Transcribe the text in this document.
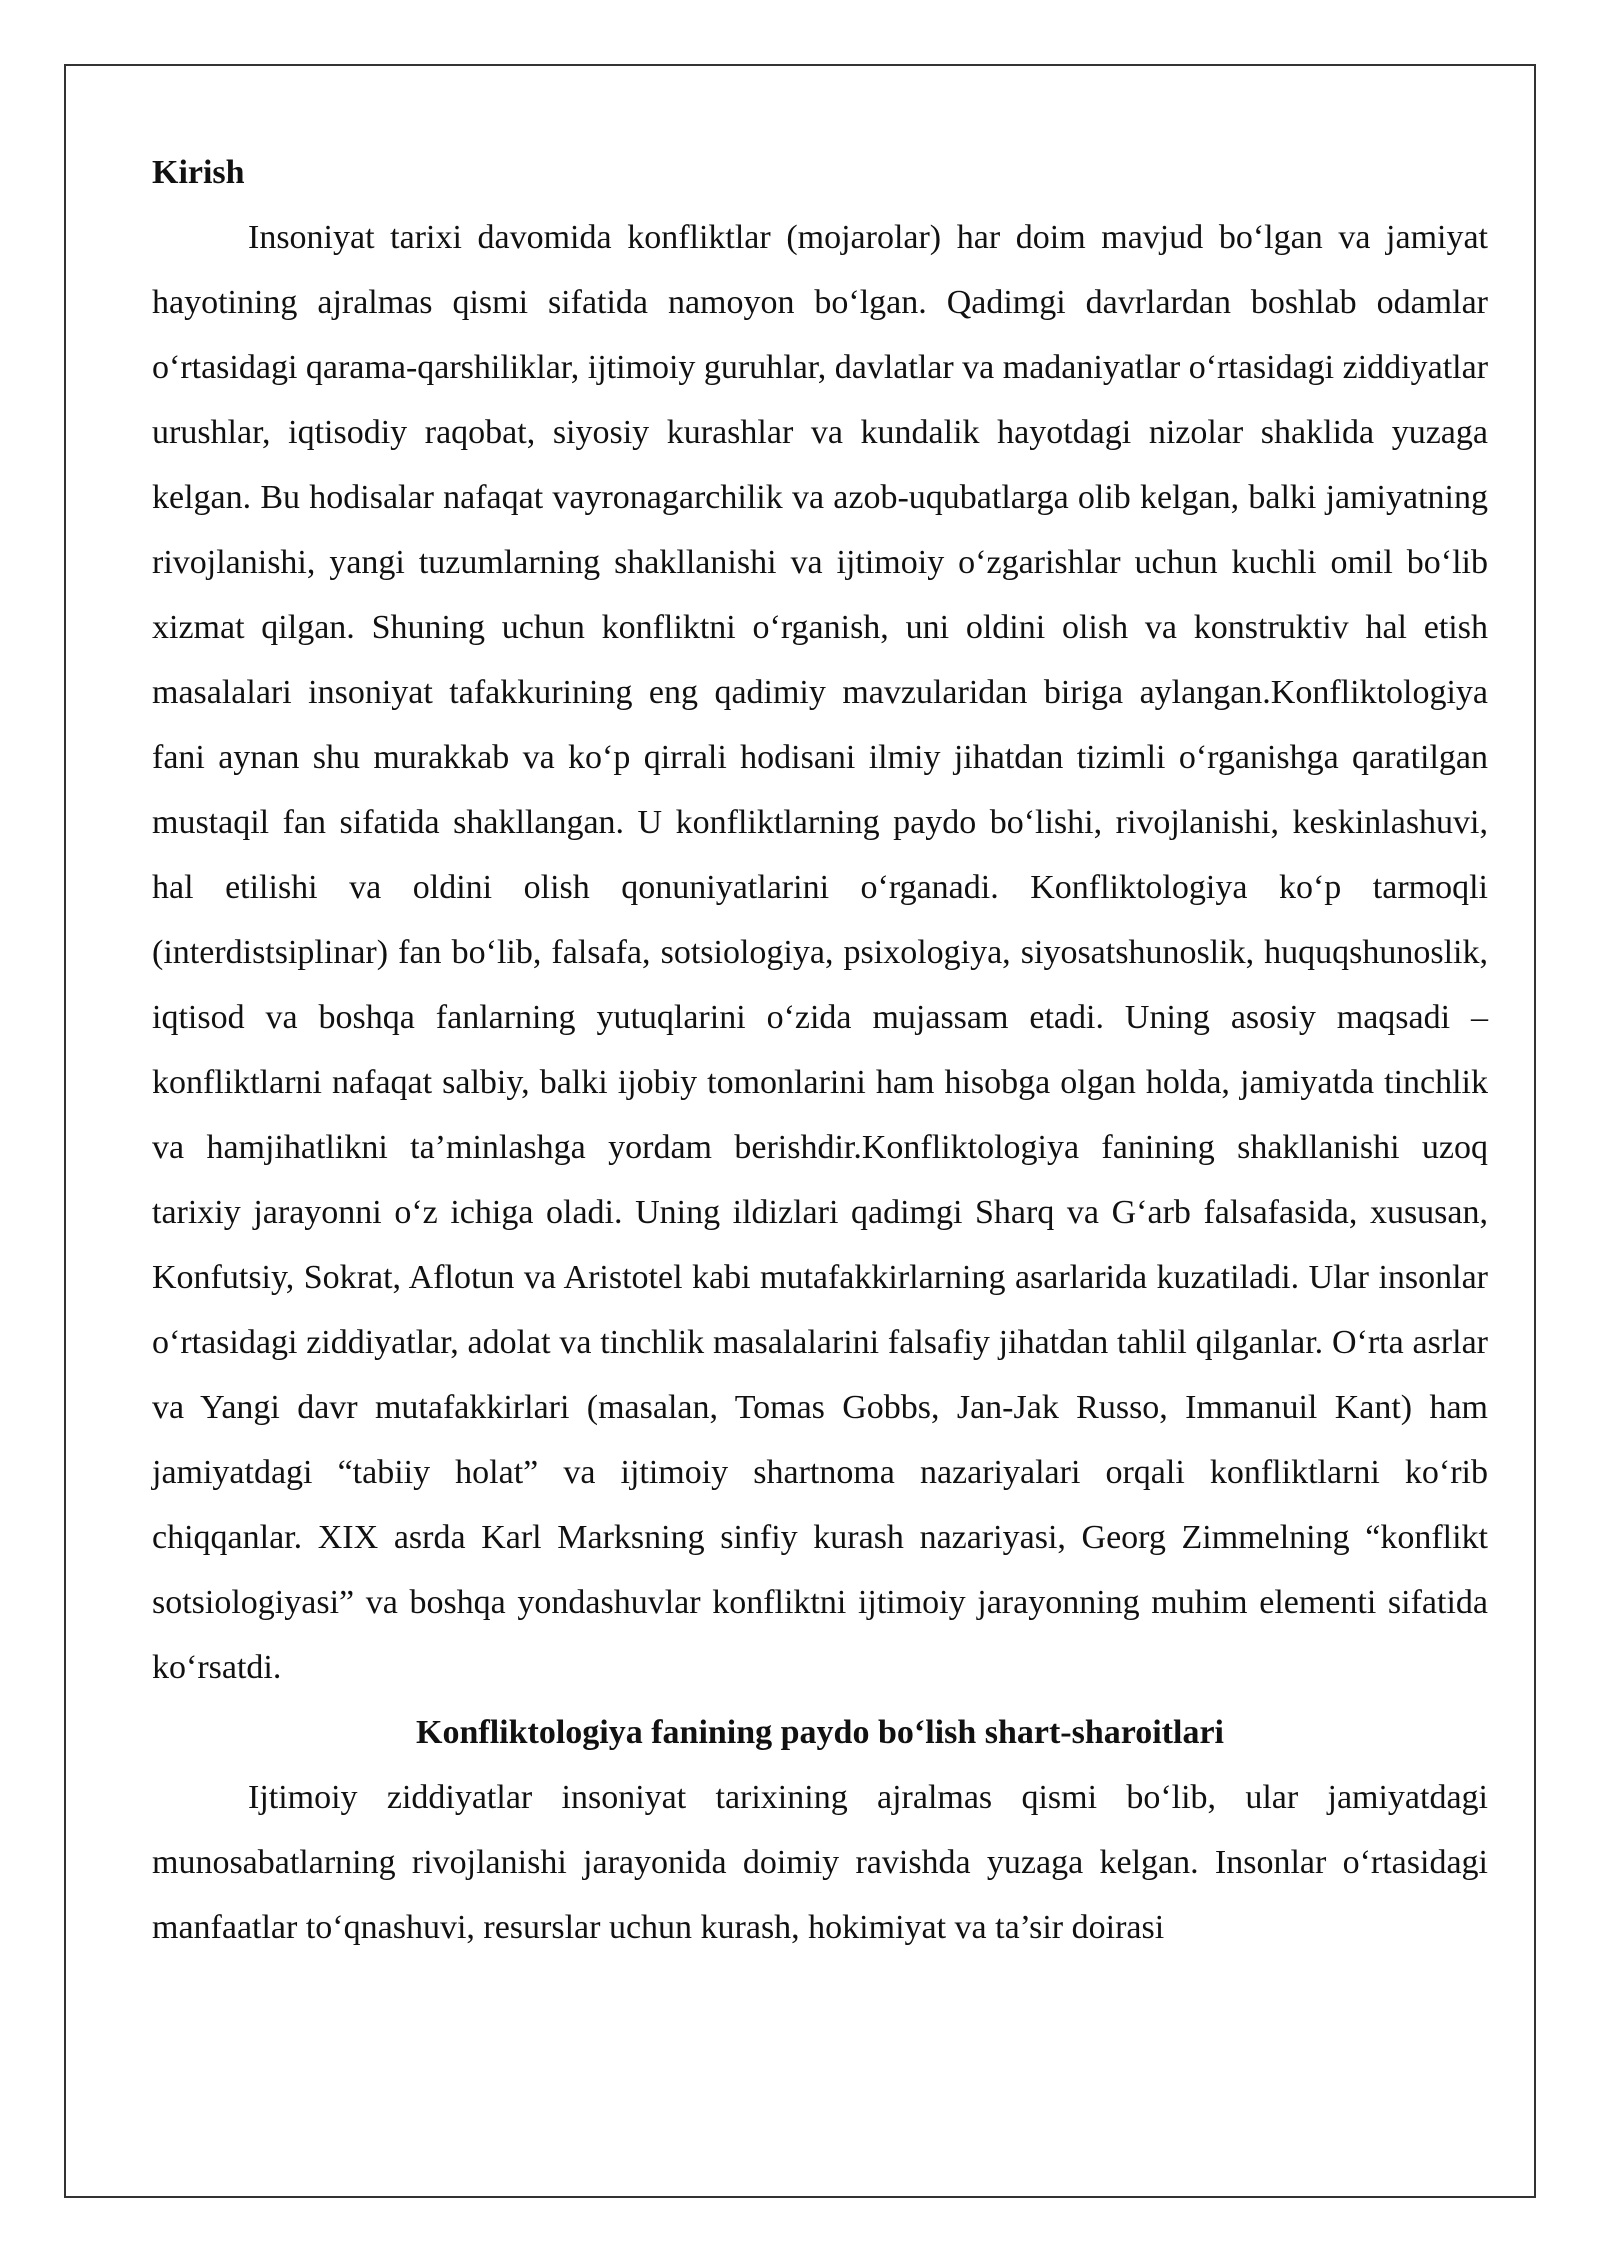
Kirish

Insoniyat tarixi davomida konfliktlar (mojarolar) har doim mavjud bo‘lgan va jamiyat hayotining ajralmas qismi sifatida namoyon bo‘lgan. Qadimgi davrlardan boshlab odamlar o‘rtasidagi qarama-qarshiliklar, ijtimoiy guruhlar, davlatlar va madaniyatlar o‘rtasidagi ziddiyatlar urushlar, iqtisodiy raqobat, siyosiy kurashlar va kundalik hayotdagi nizolar shaklida yuzaga kelgan. Bu hodisalar nafaqat vayronagarchilik va azob-uqubatlarga olib kelgan, balki jamiyatning rivojlanishi, yangi tuzumlarning shakllanishi va ijtimoiy o‘zgarishlar uchun kuchli omil bo‘lib xizmat qilgan. Shuning uchun konfliktni o‘rganish, uni oldini olish va konstruktiv hal etish masalalari insoniyat tafakkurining eng qadimiy mavzularidan biriga aylangan.Konfliktologiya fani aynan shu murakkab va ko‘p qirrali hodisani ilmiy jihatdan tizimli o‘rganishga qaratilgan mustaqil fan sifatida shakllangan. U konfliktlarning paydo bo‘lishi, rivojlanishi, keskinlashuvi, hal etilishi va oldini olish qonuniyatlarini o‘rganadi. Konfliktologiya ko‘p tarmoqli (interdistsiplinar) fan bo‘lib, falsafa, sotsiologiya, psixologiya, siyosatshunoslik, huquqshunoslik, iqtisod va boshqa fanlarning yutuqlarini o‘zida mujassam etadi. Uning asosiy maqsadi – konfliktlarni nafaqat salbiy, balki ijobiy tomonlarini ham hisobga olgan holda, jamiyatda tinchlik va hamjihatlikni ta’minlashga yordam berishdir.Konfliktologiya fanining shakllanishi uzoq tarixiy jarayonni o‘z ichiga oladi. Uning ildizlari qadimgi Sharq va G‘arb falsafasida, xususan, Konfutsiy, Sokrat, Aflotun va Aristotel kabi mutafakkirlarning asarlarida kuzatiladi. Ular insonlar o‘rtasidagi ziddiyatlar, adolat va tinchlik masalalarini falsafiy jihatdan tahlil qilganlar. O‘rta asrlar va Yangi davr mutafakkirlari (masalan, Tomas Gobbs, Jan-Jak Russo, Immanuil Kant) ham jamiyatdagi “tabiiy holat” va ijtimoiy shartnoma nazariyalari orqali konfliktlarni ko‘rib chiqqanlar. XIX asrda Karl Marksning sinfiy kurash nazariyasi, Georg Zimmelning “konflikt sotsiologiyasi” va boshqa yondashuvlar konfliktni ijtimoiy jarayonning muhim elementi sifatida ko‘rsatdi.

Konfliktologiya fanining paydo bo‘lish shart-sharoitlari

Ijtimoiy ziddiyatlar insoniyat tarixining ajralmas qismi bo‘lib, ular jamiyatdagi munosabatlarning rivojlanishi jarayonida doimiy ravishda yuzaga kelgan. Insonlar o‘rtasidagi manfaatlar to‘qnashuvi, resurslar uchun kurash, hokimiyat va ta’sir doirasi
